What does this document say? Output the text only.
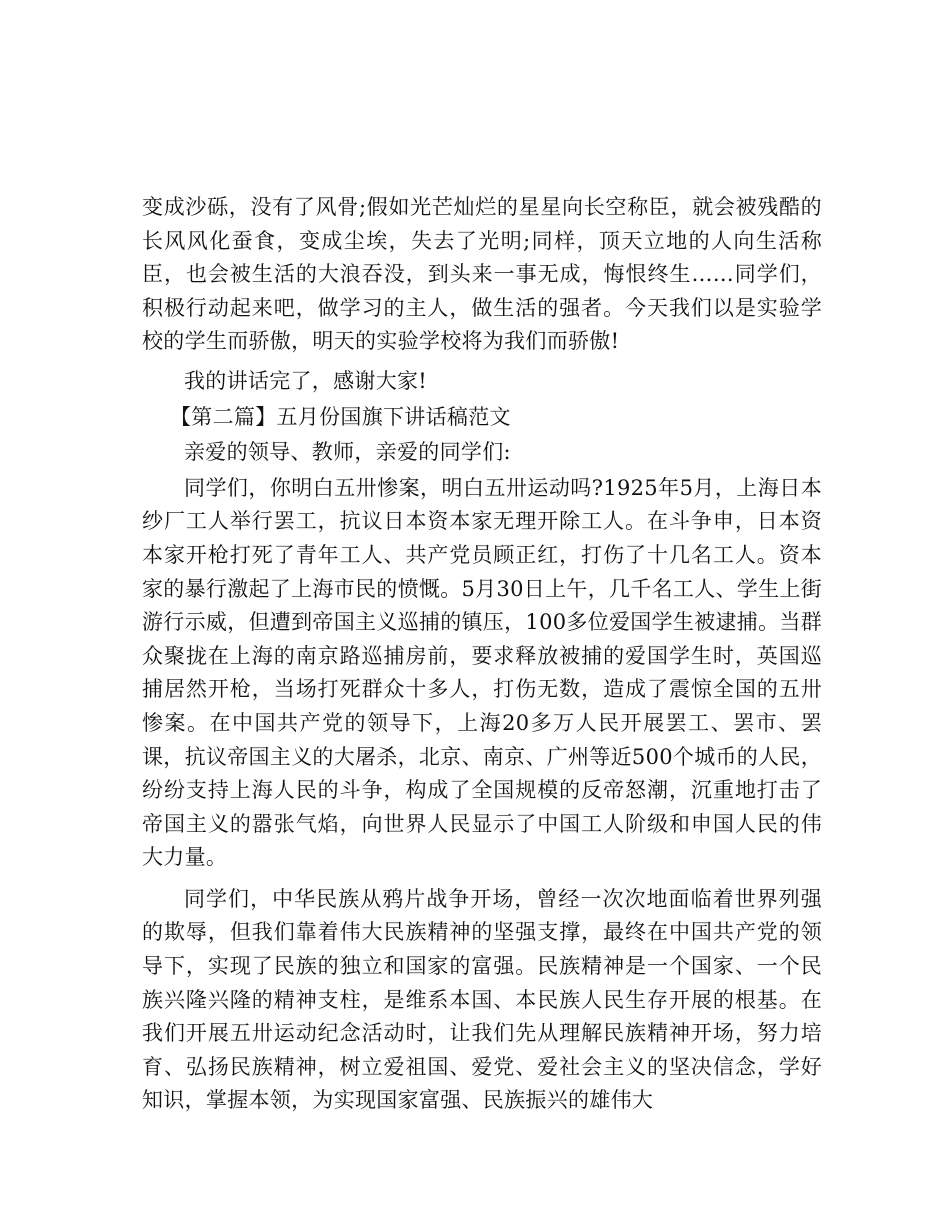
变成沙砾，没有了风骨;假如光芒灿烂的星星向长空称臣，就会被残酷的长风风化蚕食，变成尘埃，失去了光明;同样，顶天立地的人向生活称臣，也会被生活的大浪吞没，到头来一事无成，悔恨终生……同学们，积极行动起来吧，做学习的主人，做生活的强者。今天我们以是实验学校的学生而骄傲，明天的实验学校将为我们而骄傲!

我的讲话完了，感谢大家!

【第二篇】五月份国旗下讲话稿范文

亲爱的领导、教师，亲爱的同学们:

同学们，你明白五卅惨案，明白五卅运动吗?1925年5月，上海日本纱厂工人举行罢工，抗议日本资本家无理开除工人。在斗争申，日本资本家开枪打死了青年工人、共产党员顾正红，打伤了十几名工人。资本家的暴行激起了上海市民的愤慨。5月30日上午，几千名工人、学生上街游行示威，但遭到帝国主义巡捕的镇压，100多位爱国学生被逮捕。当群众聚拢在上海的南京路巡捕房前，要求释放被捕的爱国学生时，英国巡捕居然开枪，当场打死群众十多人，打伤无数，造成了震惊全国的五卅惨案。在中国共产党的领导下，上海20多万人民开展罢工、罢市、罢课，抗议帝国主义的大屠杀，北京、南京、广州等近500个城币的人民，纷纷支持上海人民的斗争，构成了全国规模的反帝怒潮，沉重地打击了帝国主义的嚣张气焰，向世界人民显示了中国工人阶级和申国人民的伟大力量。

同学们，中华民族从鸦片战争开场，曾经一次次地面临着世界列强的欺辱，但我们靠着伟大民族精神的坚强支撑，最终在中国共产党的领导下，实现了民族的独立和国家的富强。民族精神是一个国家、一个民族兴隆兴隆的精神支柱，是维系本国、本民族人民生存开展的根基。在我们开展五卅运动纪念活动时，让我们先从理解民族精神开场，努力培育、弘扬民族精神，树立爱祖国、爱党、爱社会主义的坚决信念，学好知识，掌握本领，为实现国家富强、民族振兴的雄伟大
